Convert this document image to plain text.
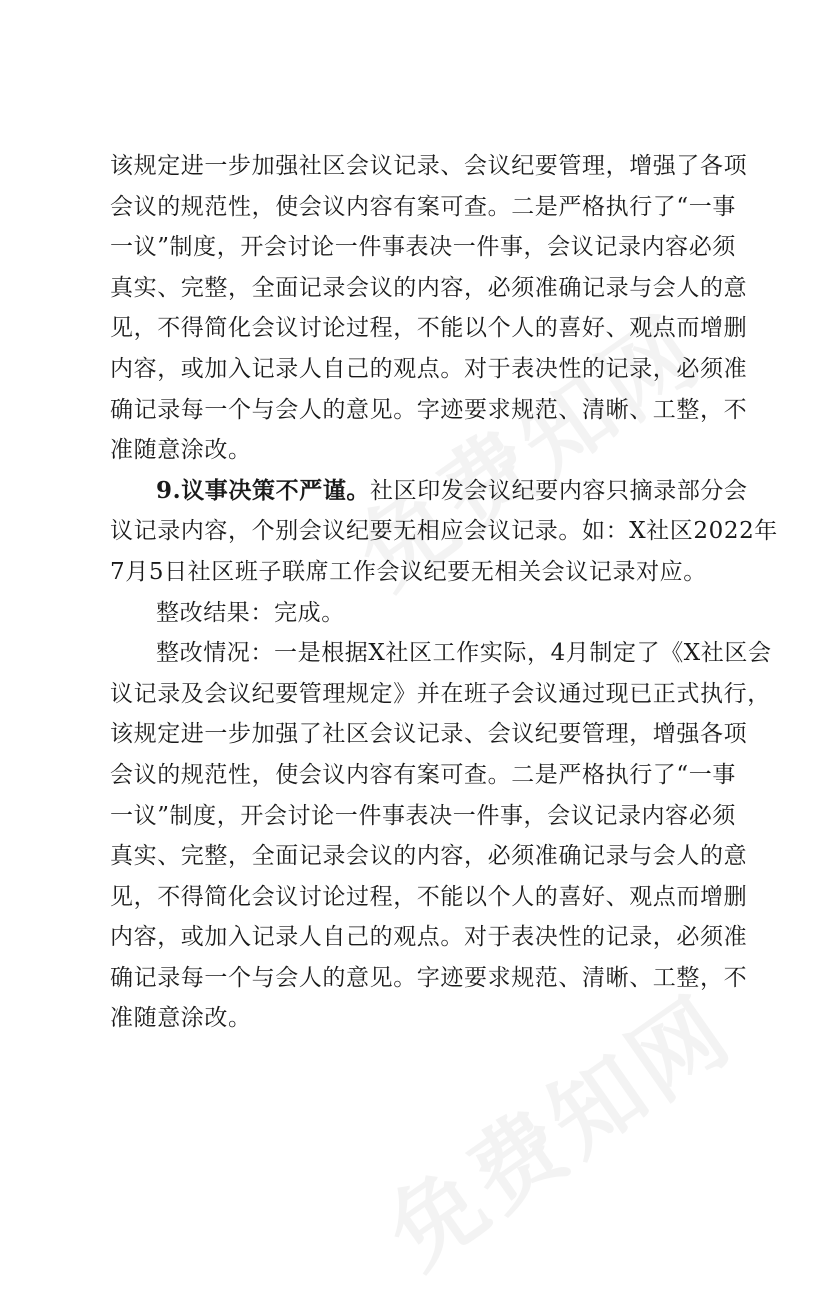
该规定进一步加强社区会议记录、会议纪要管理，增强了各项
会议的规范性，使会议内容有案可查。二是严格执行了“一事
一议”制度，开会讨论一件事表决一件事，会议记录内容必须
真实、完整，全面记录会议的内容，必须准确记录与会人的意
见，不得简化会议讨论过程，不能以个人的喜好、观点而增删
内容，或加入记录人自己的观点。对于表决性的记录，必须准
确记录每一个与会人的意见。字迹要求规范、清晰、工整，不
准随意涂改。
9.议事决策不严谨。社区印发会议纪要内容只摘录部分会
议记录内容，个别会议纪要无相应会议记录。如：X社区2022年
7月5日社区班子联席工作会议纪要无相关会议记录对应。
整改结果：完成。
整改情况：一是根据X社区工作实际，4月制定了《X社区会
议记录及会议纪要管理规定》并在班子会议通过现已正式执行，
该规定进一步加强了社区会议记录、会议纪要管理，增强各项
会议的规范性，使会议内容有案可查。二是严格执行了“一事
一议”制度，开会讨论一件事表决一件事，会议记录内容必须
真实、完整，全面记录会议的内容，必须准确记录与会人的意
见，不得简化会议讨论过程，不能以个人的喜好、观点而增删
内容，或加入记录人自己的观点。对于表决性的记录，必须准
确记录每一个与会人的意见。字迹要求规范、清晰、工整，不
准随意涂改。
